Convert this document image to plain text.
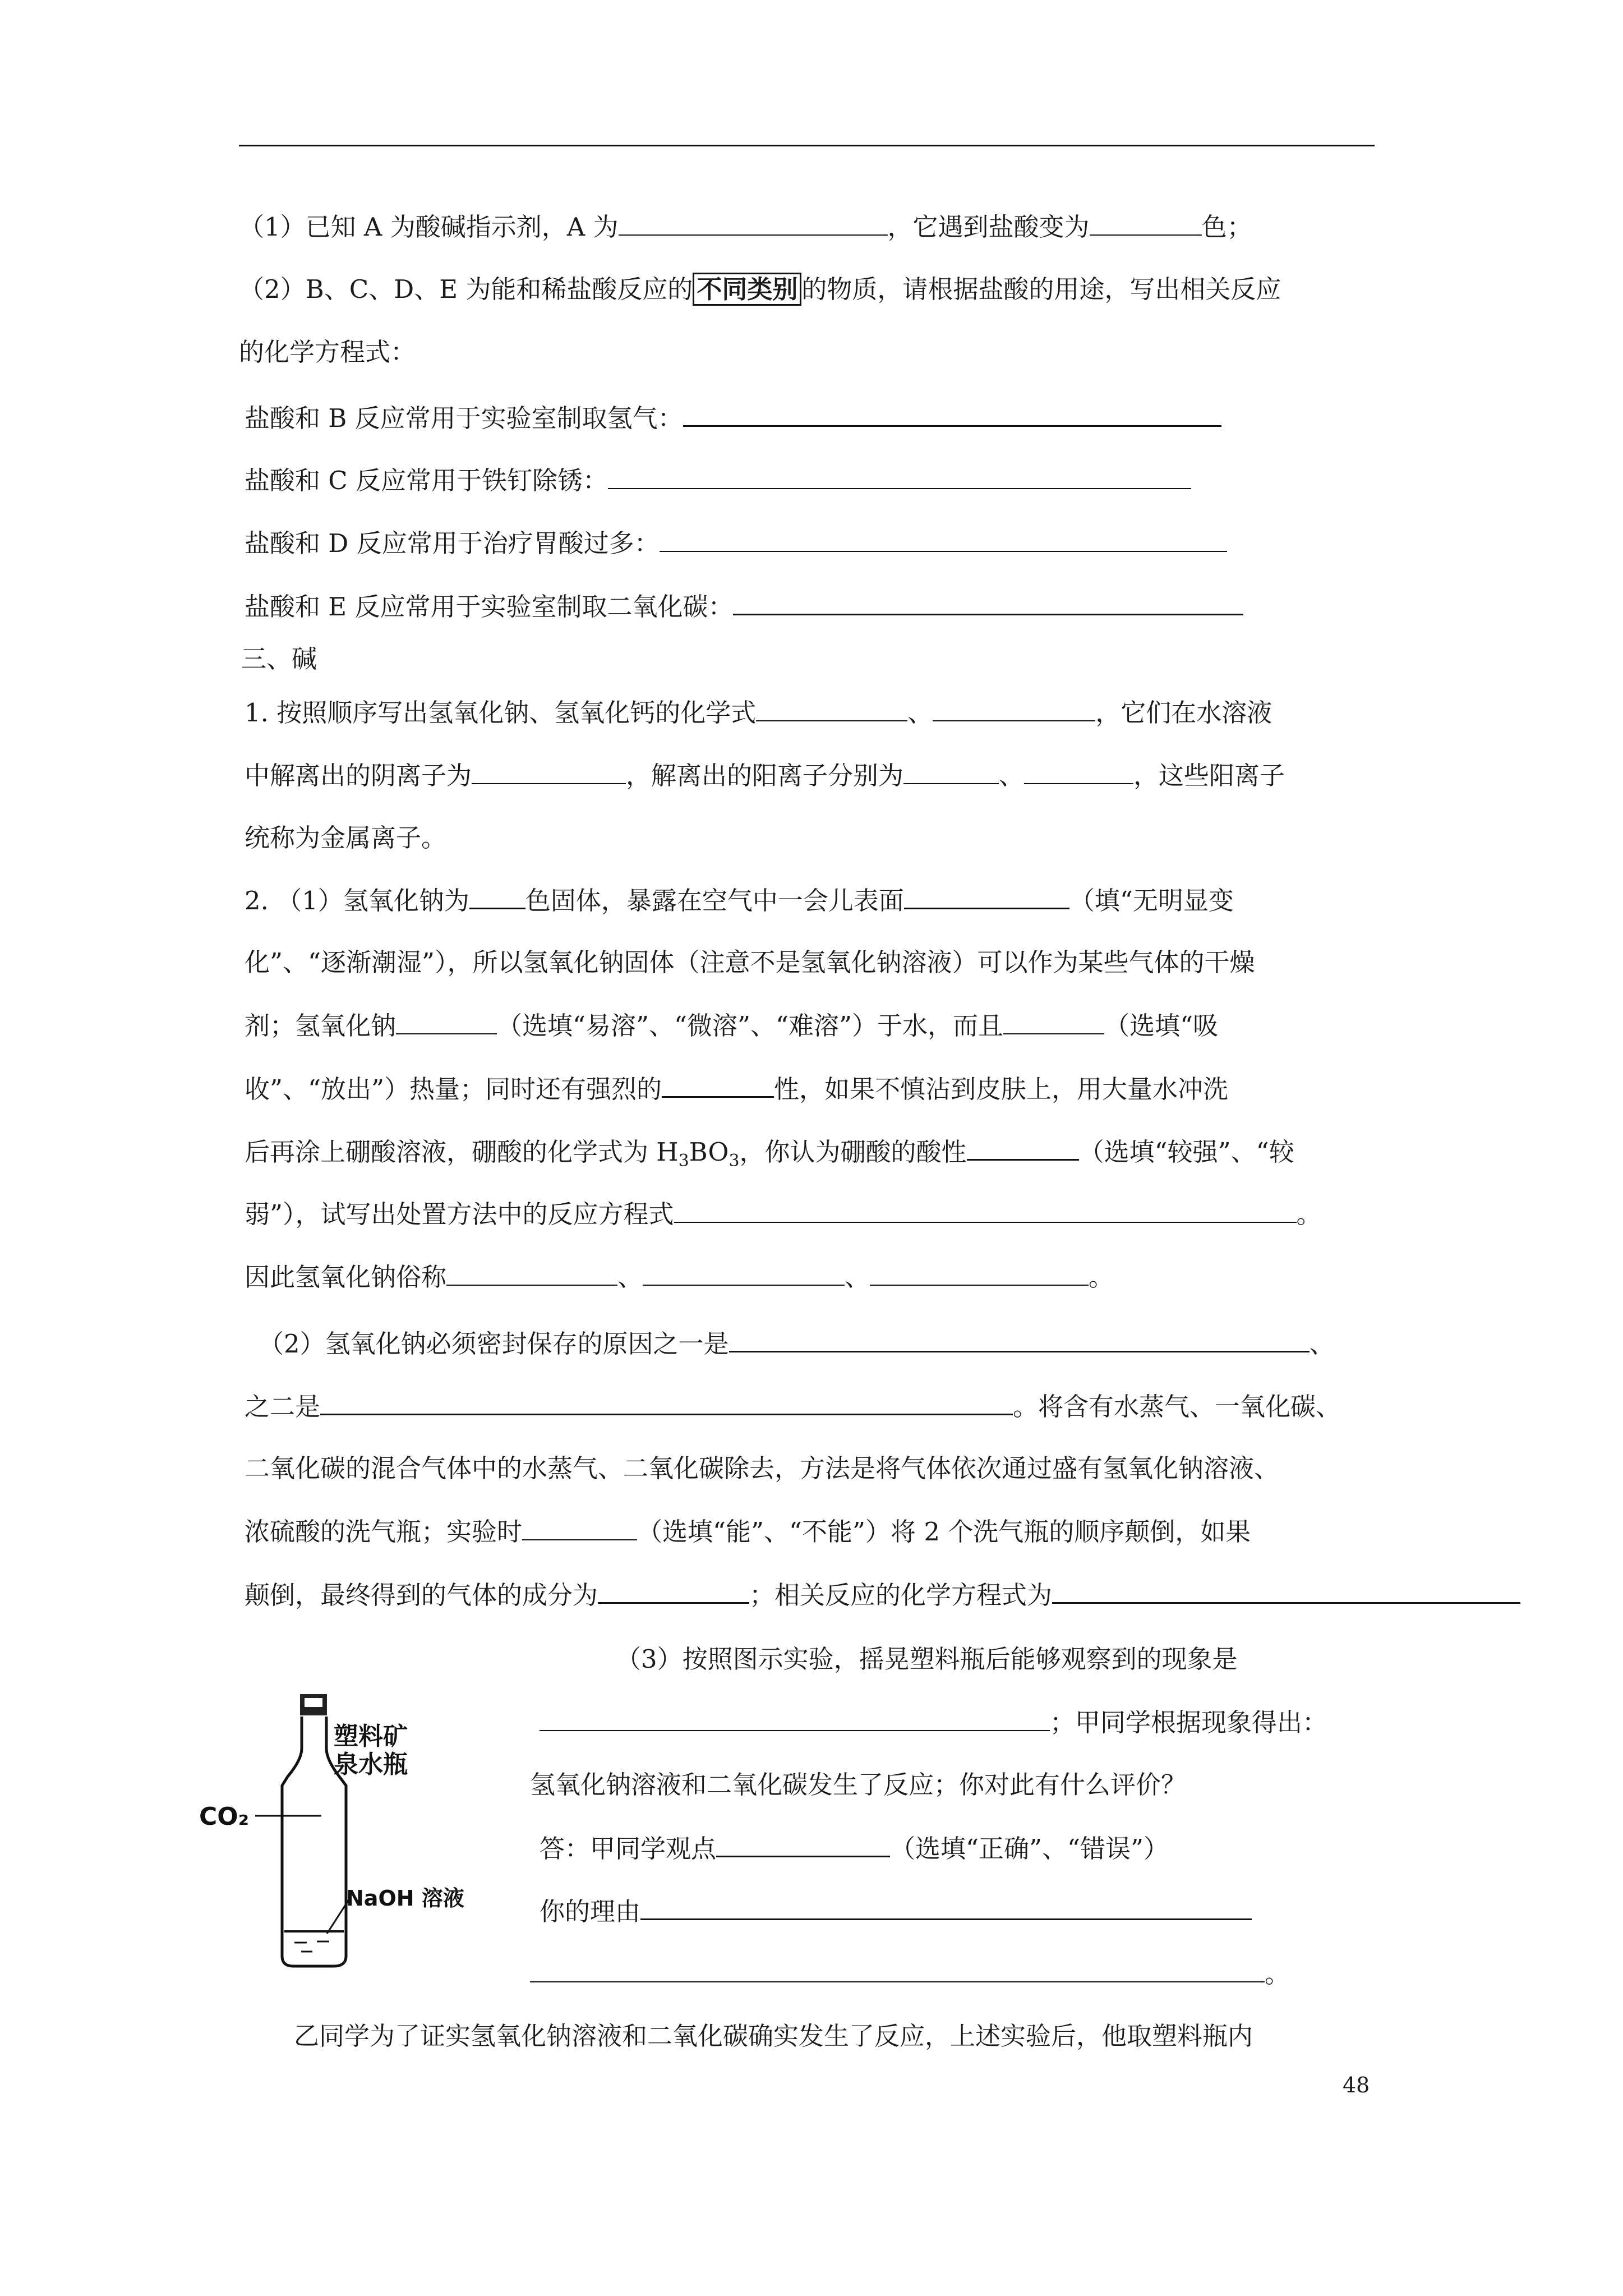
（1）已知 A 为酸碱指示剂，A 为	，它遇到盐酸变为	色；
（2）B、C、D、E 为能和稀盐酸反应的 不同类别 的物质，请根据盐酸的用途，写出相关反应
的化学方程式：
盐酸和 B 反应常用于实验室制取氢气：
盐酸和 C 反应常用于铁钉除锈：
盐酸和 D 反应常用于治疗胃酸过多：
盐酸和 E 反应常用于实验室制取二氧化碳：
三、碱
1. 按照顺序写出氢氧化钠、氢氧化钙的化学式	、	，它们在水溶液
中解离出的阴离子为	，解离出的阳离子分别为	、	，这些阳离子
统称为金属离子。
2. （1）氢氧化钠为 色固体，暴露在空气中一会儿表面	（填“无明显变
化”、“逐渐潮湿”），所以氢氧化钠固体（注意不是氢氧化钠溶液）可以作为某些气体的干燥
剂；氢氧化钠	（选填“易溶”、“微溶”、“难溶”）于水，而且	（选填“吸
收”、“放出”）热量；同时还有强烈的	性，如果不慎沾到皮肤上，用大量水冲洗
后再涂上硼酸溶液，硼酸的化学式为 $H_3BO_3$，你认为硼酸的酸性	（选填“较强”、“较
弱”），试写出处置方法中的反应方程式	。
因此氢氧化钠俗称	、	、	。
（2）氢氧化钠必须密封保存的原因之一是	、
之二是	。将含有水蒸气、一氧化碳、
二氧化碳的混合气体中的水蒸气、二氧化碳除去，方法是将气体依次通过盛有氢氧化钠溶液、
浓硫酸的洗气瓶；实验时	（选填“能”、“不能”）将 2 个洗气瓶的顺序颠倒，如果
颠倒，最终得到的气体的成分为	；相关反应的化学方程式为
塑料矿
泉水瓶
CO₂
NaOH 溶液
（3）按照图示实验，摇晃塑料瓶后能够观察到的现象是
；甲同学根据现象得出：
氢氧化钠溶液和二氧化碳发生了反应；你对此有什么评价？
答：甲同学观点	（选填“正确”、“错误”）
你的理由
。
乙同学为了证实氢氧化钠溶液和二氧化碳确实发生了反应，上述实验后，他取塑料瓶内
48
